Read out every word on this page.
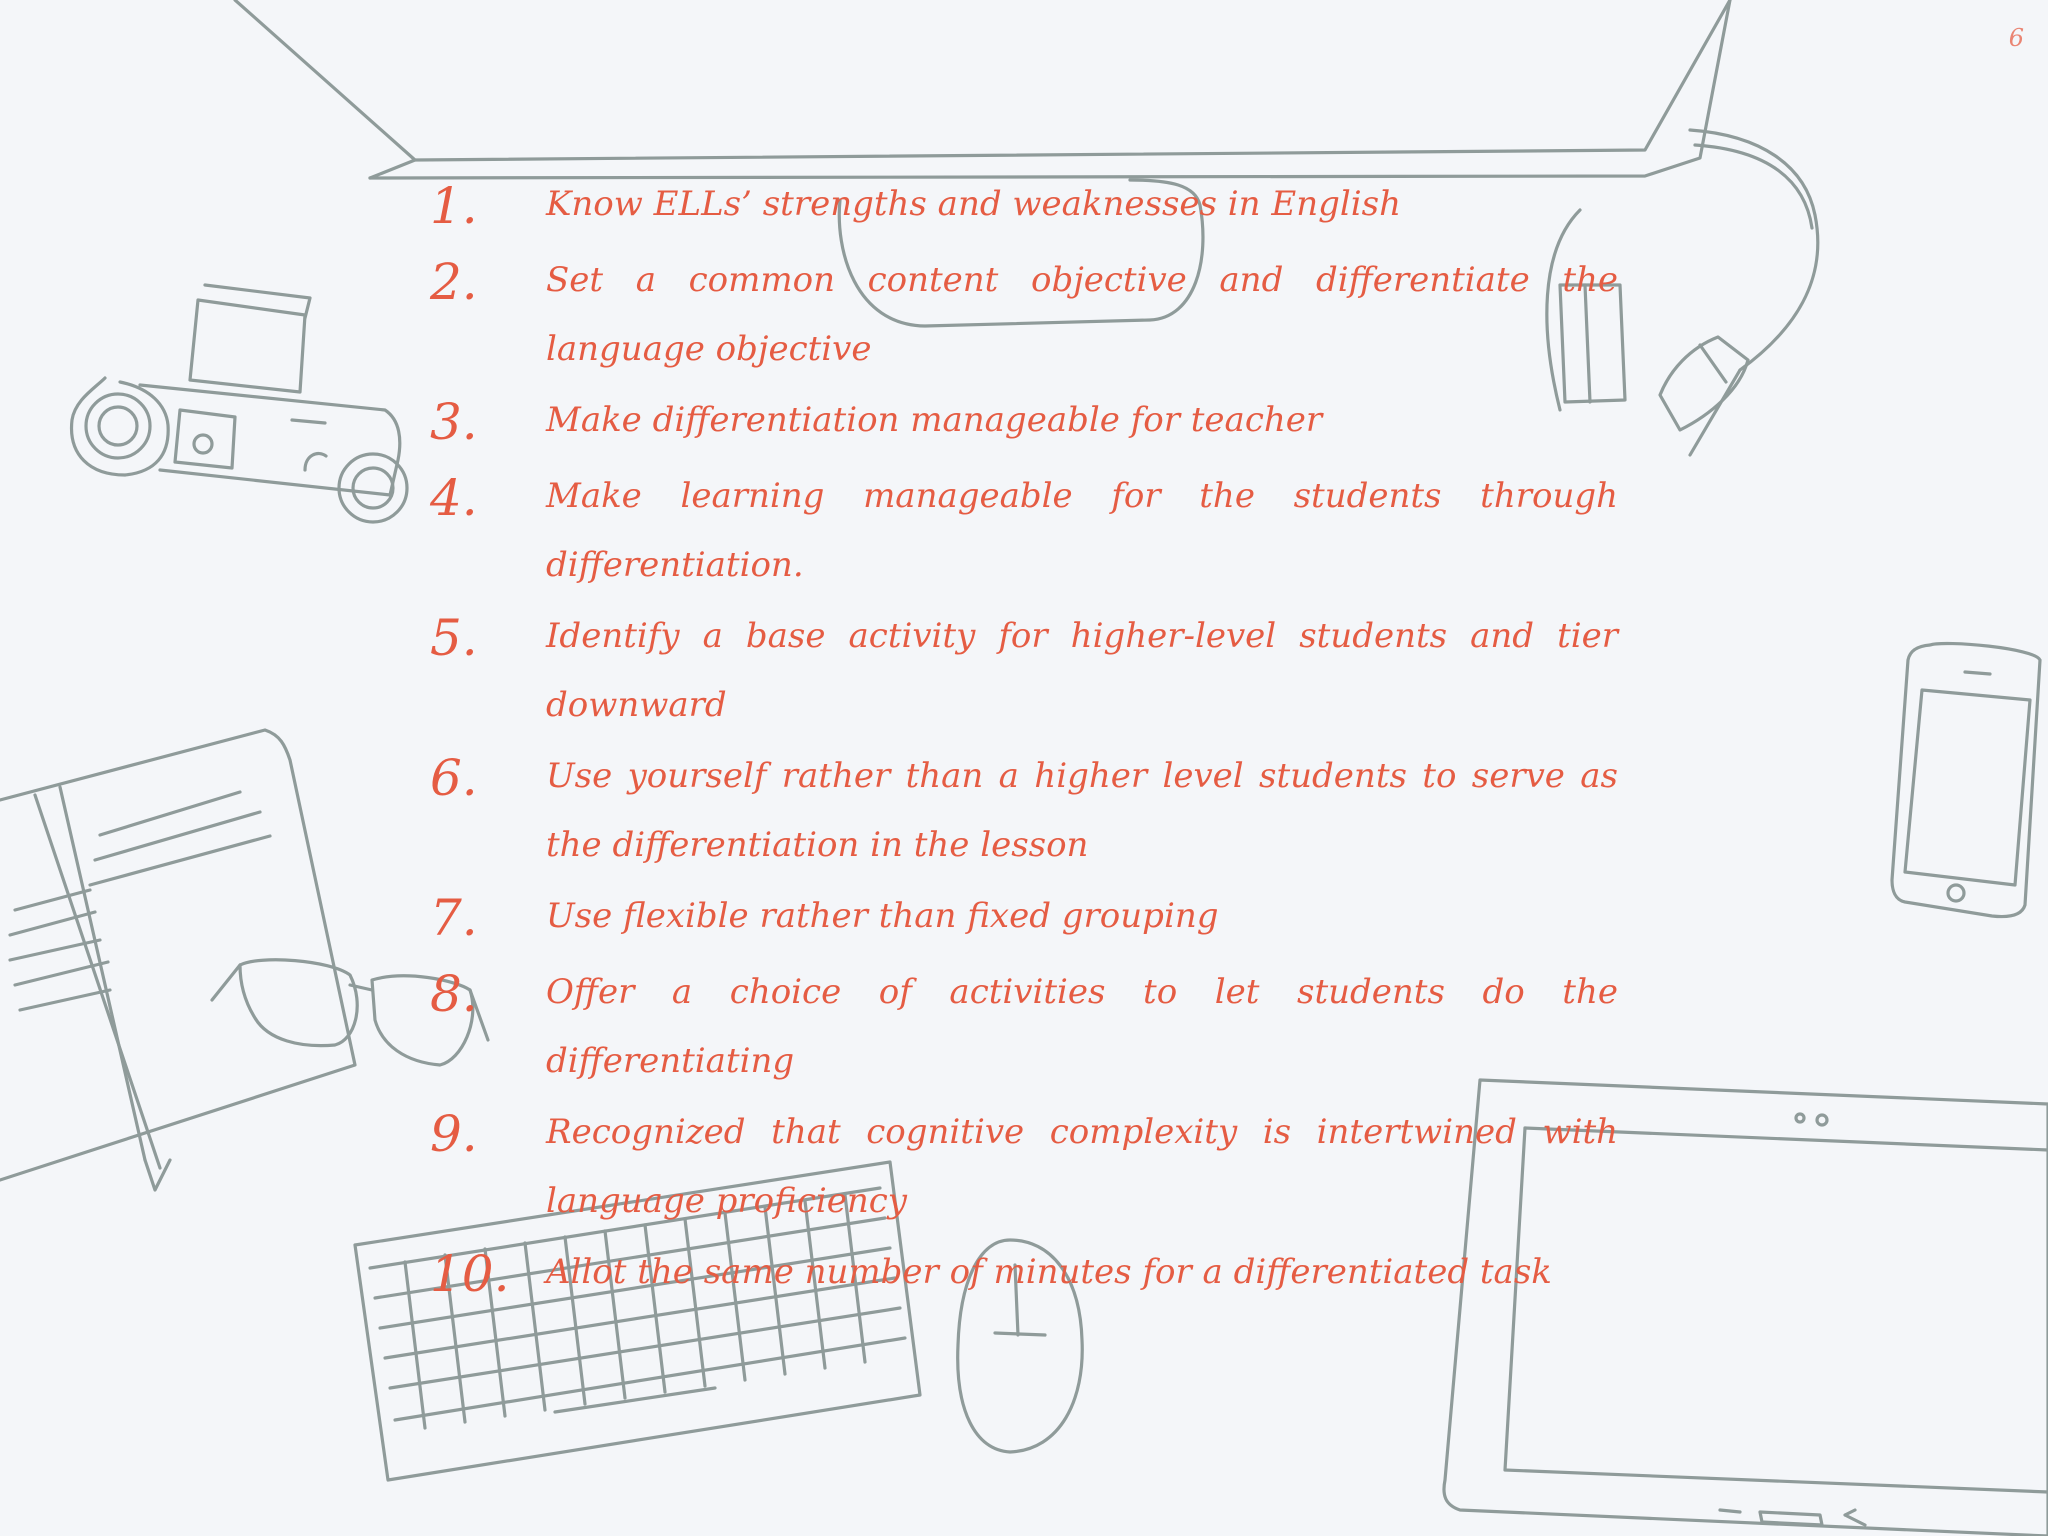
6
1.	Know ELLs’ strengths and weaknesses in English
2.	Set a common content objective and differentiate the language objective
3.	Make differentiation manageable for teacher
4.	Make learning manageable for the students through differentiation.
5.	Identify a base activity for higher-level students and tier downward
6.	Use yourself rather than a higher level students to serve as the differentiation in the lesson
7.	Use flexible rather than fixed grouping
8.	Offer a choice of activities to let students do the differentiating
9.	Recognized that cognitive complexity is intertwined with language proficiency
10.	Allot the same number of minutes for a differentiated task
